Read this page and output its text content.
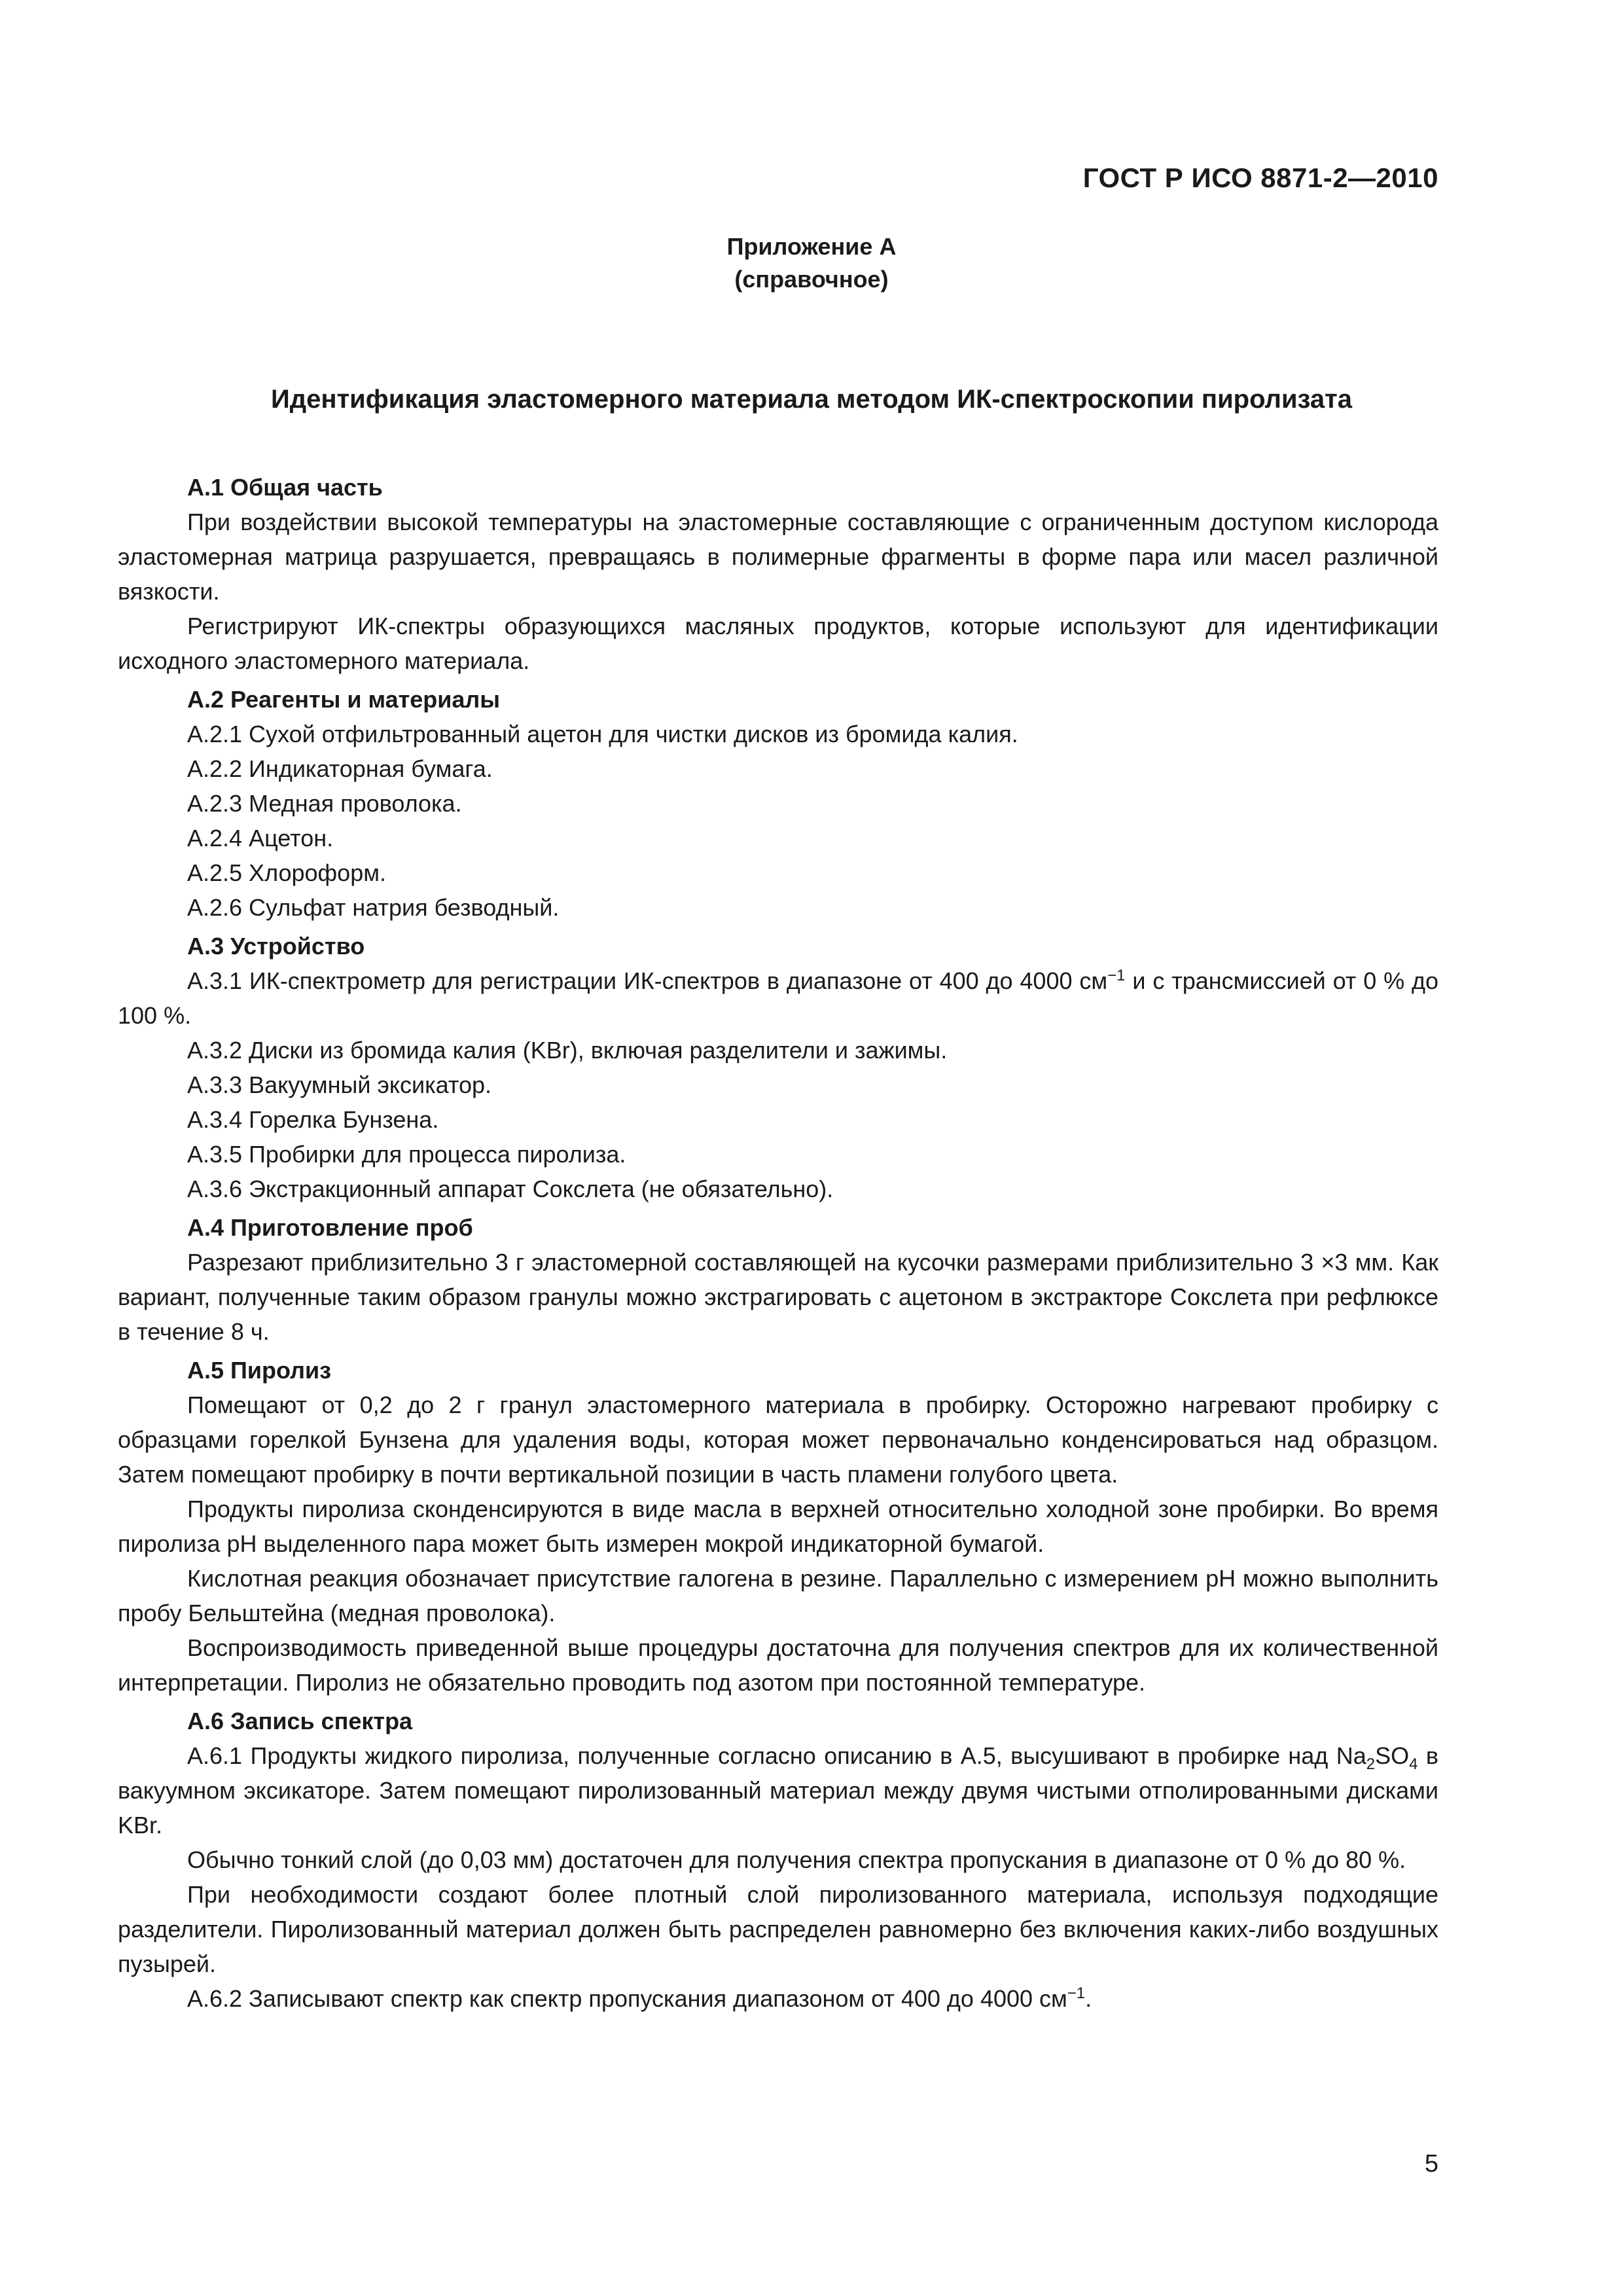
ГОСТ Р ИСО 8871-2—2010
Приложение А
(справочное)
Идентификация эластомерного материала методом ИК-спектроскопии пиролизата

А.1 Общая часть

При воздействии высокой температуры на эластомерные составляющие с ограниченным доступом кислорода эластомерная матрица разрушается, превращаясь в полимерные фрагменты в форме пара или масел различной вязкости.

Регистрируют ИК-спектры образующихся масляных продуктов, которые используют для идентификации исходного эластомерного материала.

А.2 Реагенты и материалы

А.2.1 Сухой отфильтрованный ацетон для чистки дисков из бромида калия.

А.2.2 Индикаторная бумага.

А.2.3 Медная проволока.

А.2.4 Ацетон.

А.2.5 Хлороформ.

А.2.6 Сульфат натрия безводный.

А.3 Устройство

А.3.1 ИК-спектрометр для регистрации ИК-спектров в диапазоне от 400 до 4000 $см^{-1}$ и с трансмиссией от 0 % до 100 %.

А.3.2 Диски из бромида калия (KBr), включая разделители и зажимы.

А.3.3 Вакуумный эксикатор.

А.3.4 Горелка Бунзена.

А.3.5 Пробирки для процесса пиролиза.

А.3.6 Экстракционный аппарат Сокслета (не обязательно).

А.4 Приготовление проб

Разрезают приблизительно 3 г эластомерной составляющей на кусочки размерами приблизительно 3 ×3 мм. Как вариант, полученные таким образом гранулы можно экстрагировать с ацетоном в экстракторе Сокслета при рефлюксе в течение 8 ч.

А.5 Пиролиз

Помещают от 0,2 до 2 г гранул эластомерного материала в пробирку. Осторожно нагревают пробирку с образцами горелкой Бунзена для удаления воды, которая может первоначально конденсироваться над образцом. Затем помещают пробирку в почти вертикальной позиции в часть пламени голубого цвета.

Продукты пиролиза сконденсируются в виде масла в верхней относительно холодной зоне пробирки. Во время пиролиза pH выделенного пара может быть измерен мокрой индикаторной бумагой.

Кислотная реакция обозначает присутствие галогена в резине. Параллельно с измерением pH можно выполнить пробу Бельштейна (медная проволока).

Воспроизводимость приведенной выше процедуры достаточна для получения спектров для их количественной интерпретации. Пиролиз не обязательно проводить под азотом при постоянной температуре.

А.6 Запись спектра

А.6.1 Продукты жидкого пиролиза, полученные согласно описанию в А.5, высушивают в пробирке над $Na_2SO_4$ в вакуумном эксикаторе. Затем помещают пиролизованный материал между двумя чистыми отполированными дисками KBr.

Обычно тонкий слой (до 0,03 мм) достаточен для получения спектра пропускания в диапазоне от 0 % до 80 %.

При необходимости создают более плотный слой пиролизованного материала, используя подходящие разделители. Пиролизованный материал должен быть распределен равномерно без включения каких-либо воздушных пузырей.

А.6.2 Записывают спектр как спектр пропускания диапазоном от 400 до 4000 $см^{-1}$.

5
